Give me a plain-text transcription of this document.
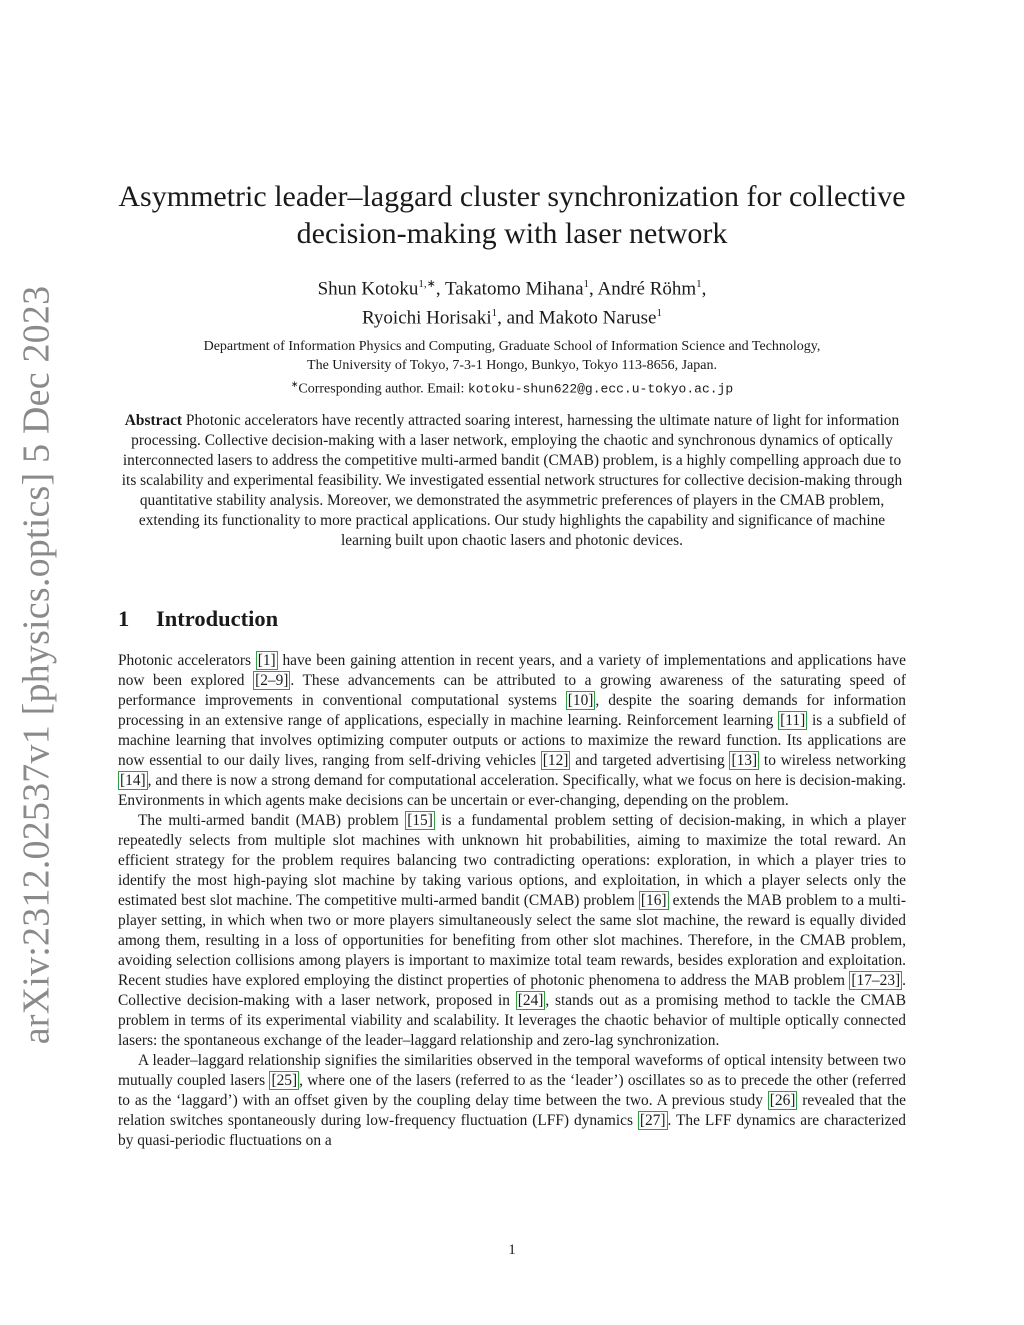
arXiv:2312.02537v1 [physics.optics] 5 Dec 2023
Asymmetric leader–laggard cluster synchronization for collective decision-making with laser network
Shun Kotoku$^{1,∗}$, Takatomo Mihana$^1$, André Röhm$^1$,
Ryoichi Horisaki$^1$, and Makoto Naruse$^1$
Department of Information Physics and Computing, Graduate School of Information Science and Technology,
The University of Tokyo, 7-3-1 Hongo, Bunkyo, Tokyo 113-8656, Japan.
∗Corresponding author. Email: kotoku-shun622@g.ecc.u-tokyo.ac.jp
Abstract Photonic accelerators have recently attracted soaring interest, harnessing the ultimate nature of light for information processing. Collective decision-making with a laser network, employing the chaotic and synchronous dynamics of optically interconnected lasers to address the competitive multi-armed bandit (CMAB) problem, is a highly compelling approach due to its scalability and experimental feasibility. We investigated essential network structures for collective decision-making through quantitative stability analysis. Moreover, we demonstrated the asymmetric preferences of players in the CMAB problem, extending its functionality to more practical applications. Our study highlights the capability and significance of machine learning built upon chaotic lasers and photonic devices.
1 Introduction

Photonic accelerators [1] have been gaining attention in recent years, and a variety of implementations and applications have now been explored [2–9] . These advancements can be attributed to a growing awareness of the saturating speed of performance improvements in conventional computational systems [10] , despite the soaring demands for information processing in an extensive range of applications, especially in machine learning. Reinforcement learning [11] is a subfield of machine learning that involves optimizing computer outputs or actions to maximize the reward function. Its applications are now essential to our daily lives, ranging from self-driving vehicles [12] and targeted advertising [13] to wireless networking [14] , and there is now a strong demand for computational acceleration. Specifically, what we focus on here is decision-making. Environments in which agents make decisions can be uncertain or ever-changing, depending on the problem.

The multi-armed bandit (MAB) problem [15] is a fundamental problem setting of decision-making, in which a player repeatedly selects from multiple slot machines with unknown hit probabilities, aiming to maximize the total reward. An efficient strategy for the problem requires balancing two contradicting operations: exploration, in which a player tries to identify the most high-paying slot machine by taking various options, and exploitation, in which a player selects only the estimated best slot machine. The competitive multi-armed bandit (CMAB) problem [16] extends the MAB problem to a multi-player setting, in which when two or more players simultaneously select the same slot machine, the reward is equally divided among them, resulting in a loss of opportunities for benefiting from other slot machines. Therefore, in the CMAB problem, avoiding selection collisions among players is important to maximize total team rewards, besides exploration and exploitation. Recent studies have explored employing the distinct properties of photonic phenomena to address the MAB problem [17–23] . Collective decision-making with a laser network, proposed in [24] , stands out as a promising method to tackle the CMAB problem in terms of its experimental viability and scalability. It leverages the chaotic behavior of multiple optically connected lasers: the spontaneous exchange of the leader–laggard relationship and zero-lag synchronization.

A leader–laggard relationship signifies the similarities observed in the temporal waveforms of optical intensity between two mutually coupled lasers [25] , where one of the lasers (referred to as the ‘leader’) oscillates so as to precede the other (referred to as the ‘laggard’) with an offset given by the coupling delay time between the two. A previous study [26] revealed that the relation switches spontaneously during low-frequency fluctuation (LFF) dynamics [27] . The LFF dynamics are characterized by quasi-periodic fluctuations on a

1
